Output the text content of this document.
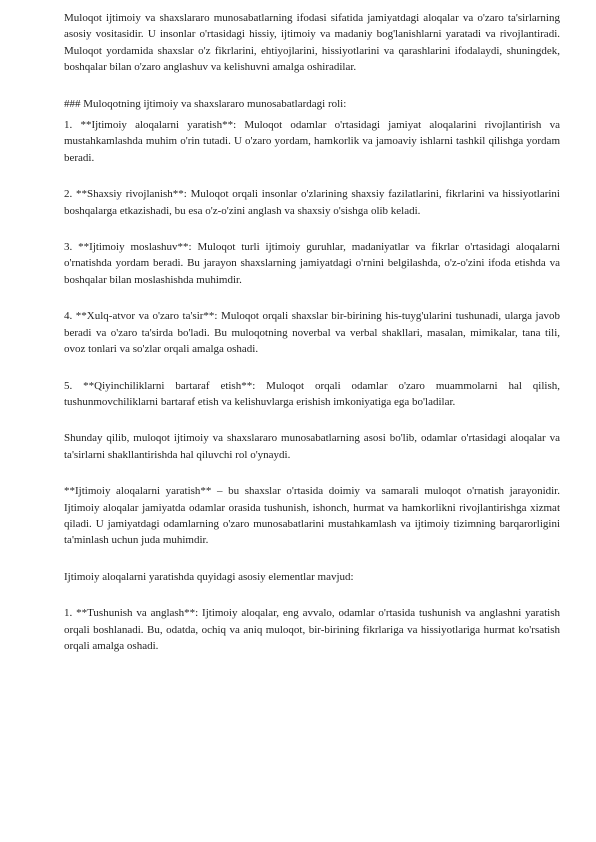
Muloqot ijtimoiy va shaxslararo munosabatlarning ifodasi sifatida jamiyatdagi aloqalar va o'zaro ta'sirlarning asosiy vositasidir. U insonlar o'rtasidagi hissiy, ijtimoiy va madaniy bog'lanishlarni yaratadi va rivojlantiradi. Muloqot yordamida shaxslar o'z fikrlarini, ehtiyojlarini, hissiyotlarini va qarashlarini ifodalaydi, shuningdek, boshqalar bilan o'zaro anglashuv va kelishuvni amalga oshiradilar.

### Muloqotning ijtimoiy va shaxslararo munosabatlardagi roli:

1. **Ijtimoiy aloqalarni yaratish**: Muloqot odamlar o'rtasidagi jamiyat aloqalarini rivojlantirish va mustahkamlashda muhim o'rin tutadi. U o'zaro yordam, hamkorlik va jamoaviy ishlarni tashkil qilishga yordam beradi.

2. **Shaxsiy rivojlanish**: Muloqot orqali insonlar o'zlarining shaxsiy fazilatlarini, fikrlarini va hissiyotlarini boshqalarga etkazishadi, bu esa o'z-o'zini anglash va shaxsiy o'sishga olib keladi.

3. **Ijtimoiy moslashuv**: Muloqot turli ijtimoiy guruhlar, madaniyatlar va fikrlar o'rtasidagi aloqalarni o'rnatishda yordam beradi. Bu jarayon shaxslarning jamiyatdagi o'rnini belgilashda, o'z-o'zini ifoda etishda va boshqalar bilan moslashishda muhimdir.

4. **Xulq-atvor va o'zaro ta'sir**: Muloqot orqali shaxslar bir-birining his-tuyg'ularini tushunadi, ularga javob beradi va o'zaro ta'sirda bo'ladi. Bu muloqotning noverbal va verbal shakllari, masalan, mimikalar, tana tili, ovoz tonlari va so'zlar orqali amalga oshadi.

5. **Qiyinchiliklarni bartaraf etish**: Muloqot orqali odamlar o'zaro muammolarni hal qilish, tushunmovchiliklarni bartaraf etish va kelishuvlarga erishish imkoniyatiga ega bo'ladilar.

Shunday qilib, muloqot ijtimoiy va shaxslararo munosabatlarning asosi bo'lib, odamlar o'rtasidagi aloqalar va ta'sirlarni shakllantirishda hal qiluvchi rol o'ynaydi.

**Ijtimoiy aloqalarni yaratish** – bu shaxslar o'rtasida doimiy va samarali muloqot o'rnatish jarayonidir. Ijtimoiy aloqalar jamiyatda odamlar orasida tushunish, ishonch, hurmat va hamkorlikni rivojlantirishga xizmat qiladi. U jamiyatdagi odamlarning o'zaro munosabatlarini mustahkamlash va ijtimoiy tizimning barqarorligini ta'minlash uchun juda muhimdir.

Ijtimoiy aloqalarni yaratishda quyidagi asosiy elementlar mavjud:

1. **Tushunish va anglash**: Ijtimoiy aloqalar, eng avvalo, odamlar o'rtasida tushunish va anglashni yaratish orqali boshlanadi. Bu, odatda, ochiq va aniq muloqot, bir-birining fikrlariga va hissiyotlariga hurmat ko'rsatish orqali amalga oshadi.
